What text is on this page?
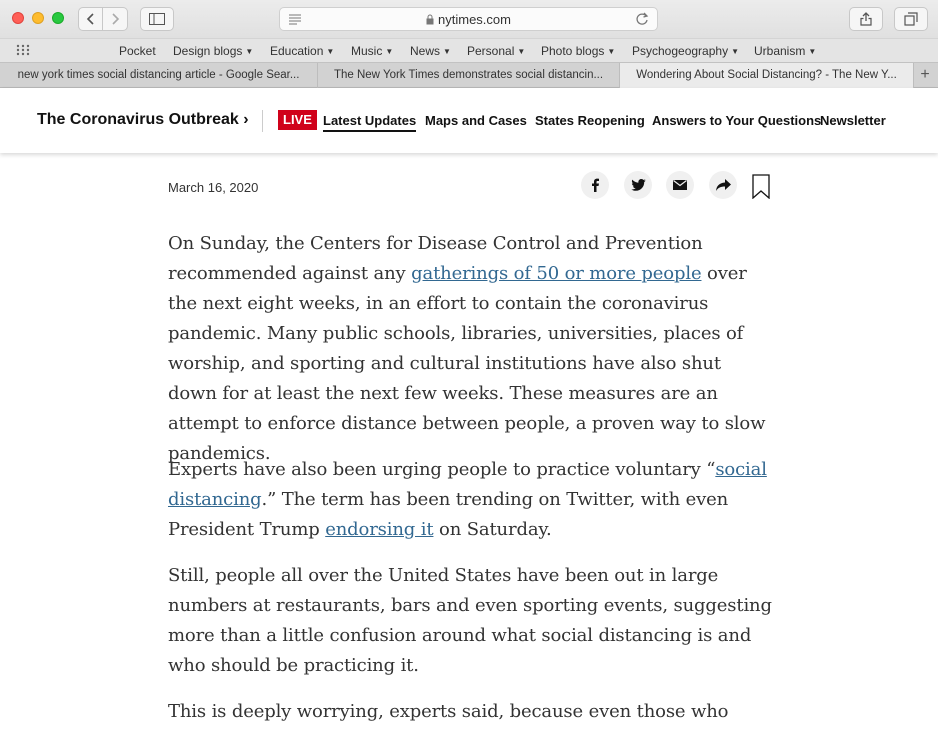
nytimes.com
Pocket Design blogs ▼ Education ▼ Music ▼ News ▼ Personal ▼ Photo blogs ▼ Psychogeography ▼ Urbanism ▼
new york times social distancing article - Google Sear...	The New York Times demonstrates social distancin...	Wondering About Social Distancing? - The New Y...	+
The Coronavirus Outbreak ›	LIVE Latest Updates Maps and Cases States Reopening Answers to Your Questions
Newsletter
March 16, 2020
On Sunday, the Centers for Disease Control and Prevention recommended against any gatherings of 50 or more people over the next eight weeks, in an effort to contain the coronavirus pandemic. Many public schools, libraries, universities, places of worship, and sporting and cultural institutions have also shut down for at least the next few weeks. These measures are an attempt to enforce distance between people, a proven way to slow pandemics.
Experts have also been urging people to practice voluntary “social distancing.” The term has been trending on Twitter, with even President Trump endorsing it on Saturday.
Still, people all over the United States have been out in large numbers at restaurants, bars and even sporting events, suggesting more than a little confusion around what social distancing is and who should be practicing it.
This is deeply worrying, experts said, because even those who
